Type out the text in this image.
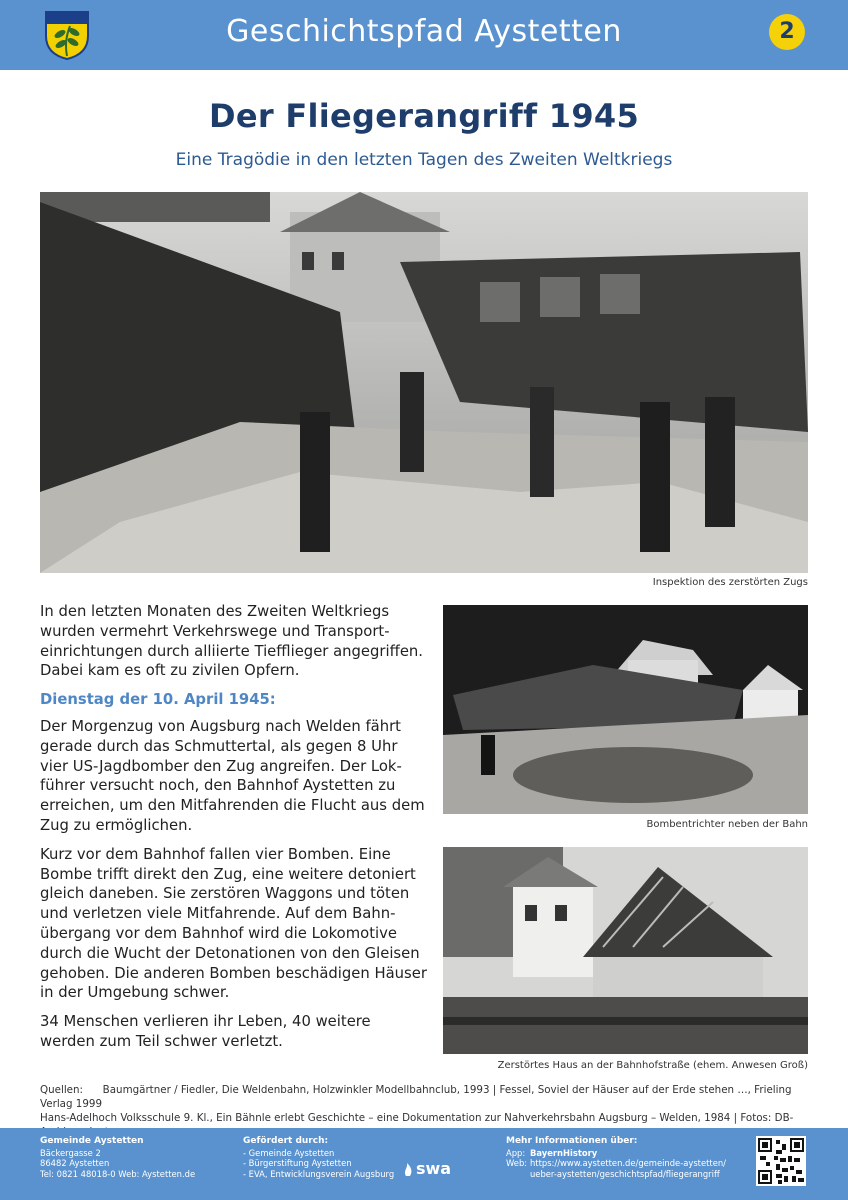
Geschichtspfad Aystetten	2
Der Fliegerangriff 1945
Eine Tragödie in den letzten Tagen des Zweiten Weltkriegs
Inspektion des zerstörten Zugs

In den letzten Monaten des Zweiten Weltkriegs wurden vermehrt Verkehrswege und Transporteinrichtungen durch alliierte Tiefflieger angegriffen. Dabei kam es oft zu zivilen Opfern.

Dienstag der 10. April 1945:

Der Morgenzug von Augsburg nach Welden fährt gerade durch das Schmuttertal, als gegen 8 Uhr vier US-Jagdbomber den Zug angreifen. Der Lokführer versucht noch, den Bahnhof Aystetten zu erreichen, um den Mitfahrenden die Flucht aus dem Zug zu ermöglichen.

Kurz vor dem Bahnhof fallen vier Bomben. Eine Bombe trifft direkt den Zug, eine weitere detoniert gleich daneben. Sie zerstören Waggons und töten und verletzen viele Mitfahrende. Auf dem Bahnübergang vor dem Bahnhof wird die Lokomotive durch die Wucht der Detonationen von den Gleisen gehoben. Die anderen Bomben beschädigen Häuser in der Umgebung schwer.

34 Menschen verlieren ihr Leben, 40 weitere werden zum Teil schwer verletzt.

Bombentrichter neben der Bahn
Zerstörtes Haus an der Bahnhofstraße (ehem. Anwesen Groß)
Quellen: Baumgärtner / Fiedler, Die Weldenbahn, Holzwinkler Modellbahnclub, 1993 | Fessel, Soviel der Häuser auf der Erde stehen …, Frieling Verlag 1999
Hans-Adelhoch Volksschule 9. Kl., Ein Bähnle erlebt Geschichte – eine Dokumentation zur Nahverkehrsbahn Augsburg – Welden, 1984 | Fotos: DB-
Gemeinde Aystetten
Bäckergasse 2
86482 Aystetten
Tel: 0821 48018-0 Web: Aystetten.de
Gefördert durch:
- Gemeinde Aystetten
- Bürgerstiftung Aystetten
- EVA, Entwicklungsverein Augsburg	swa
Mehr Informationen über:
App: BayernHistory
Web: https://www.aystetten.de/gemeinde-aystetten/
ueber-aystetten/geschichtspfad/fliegerangriff
